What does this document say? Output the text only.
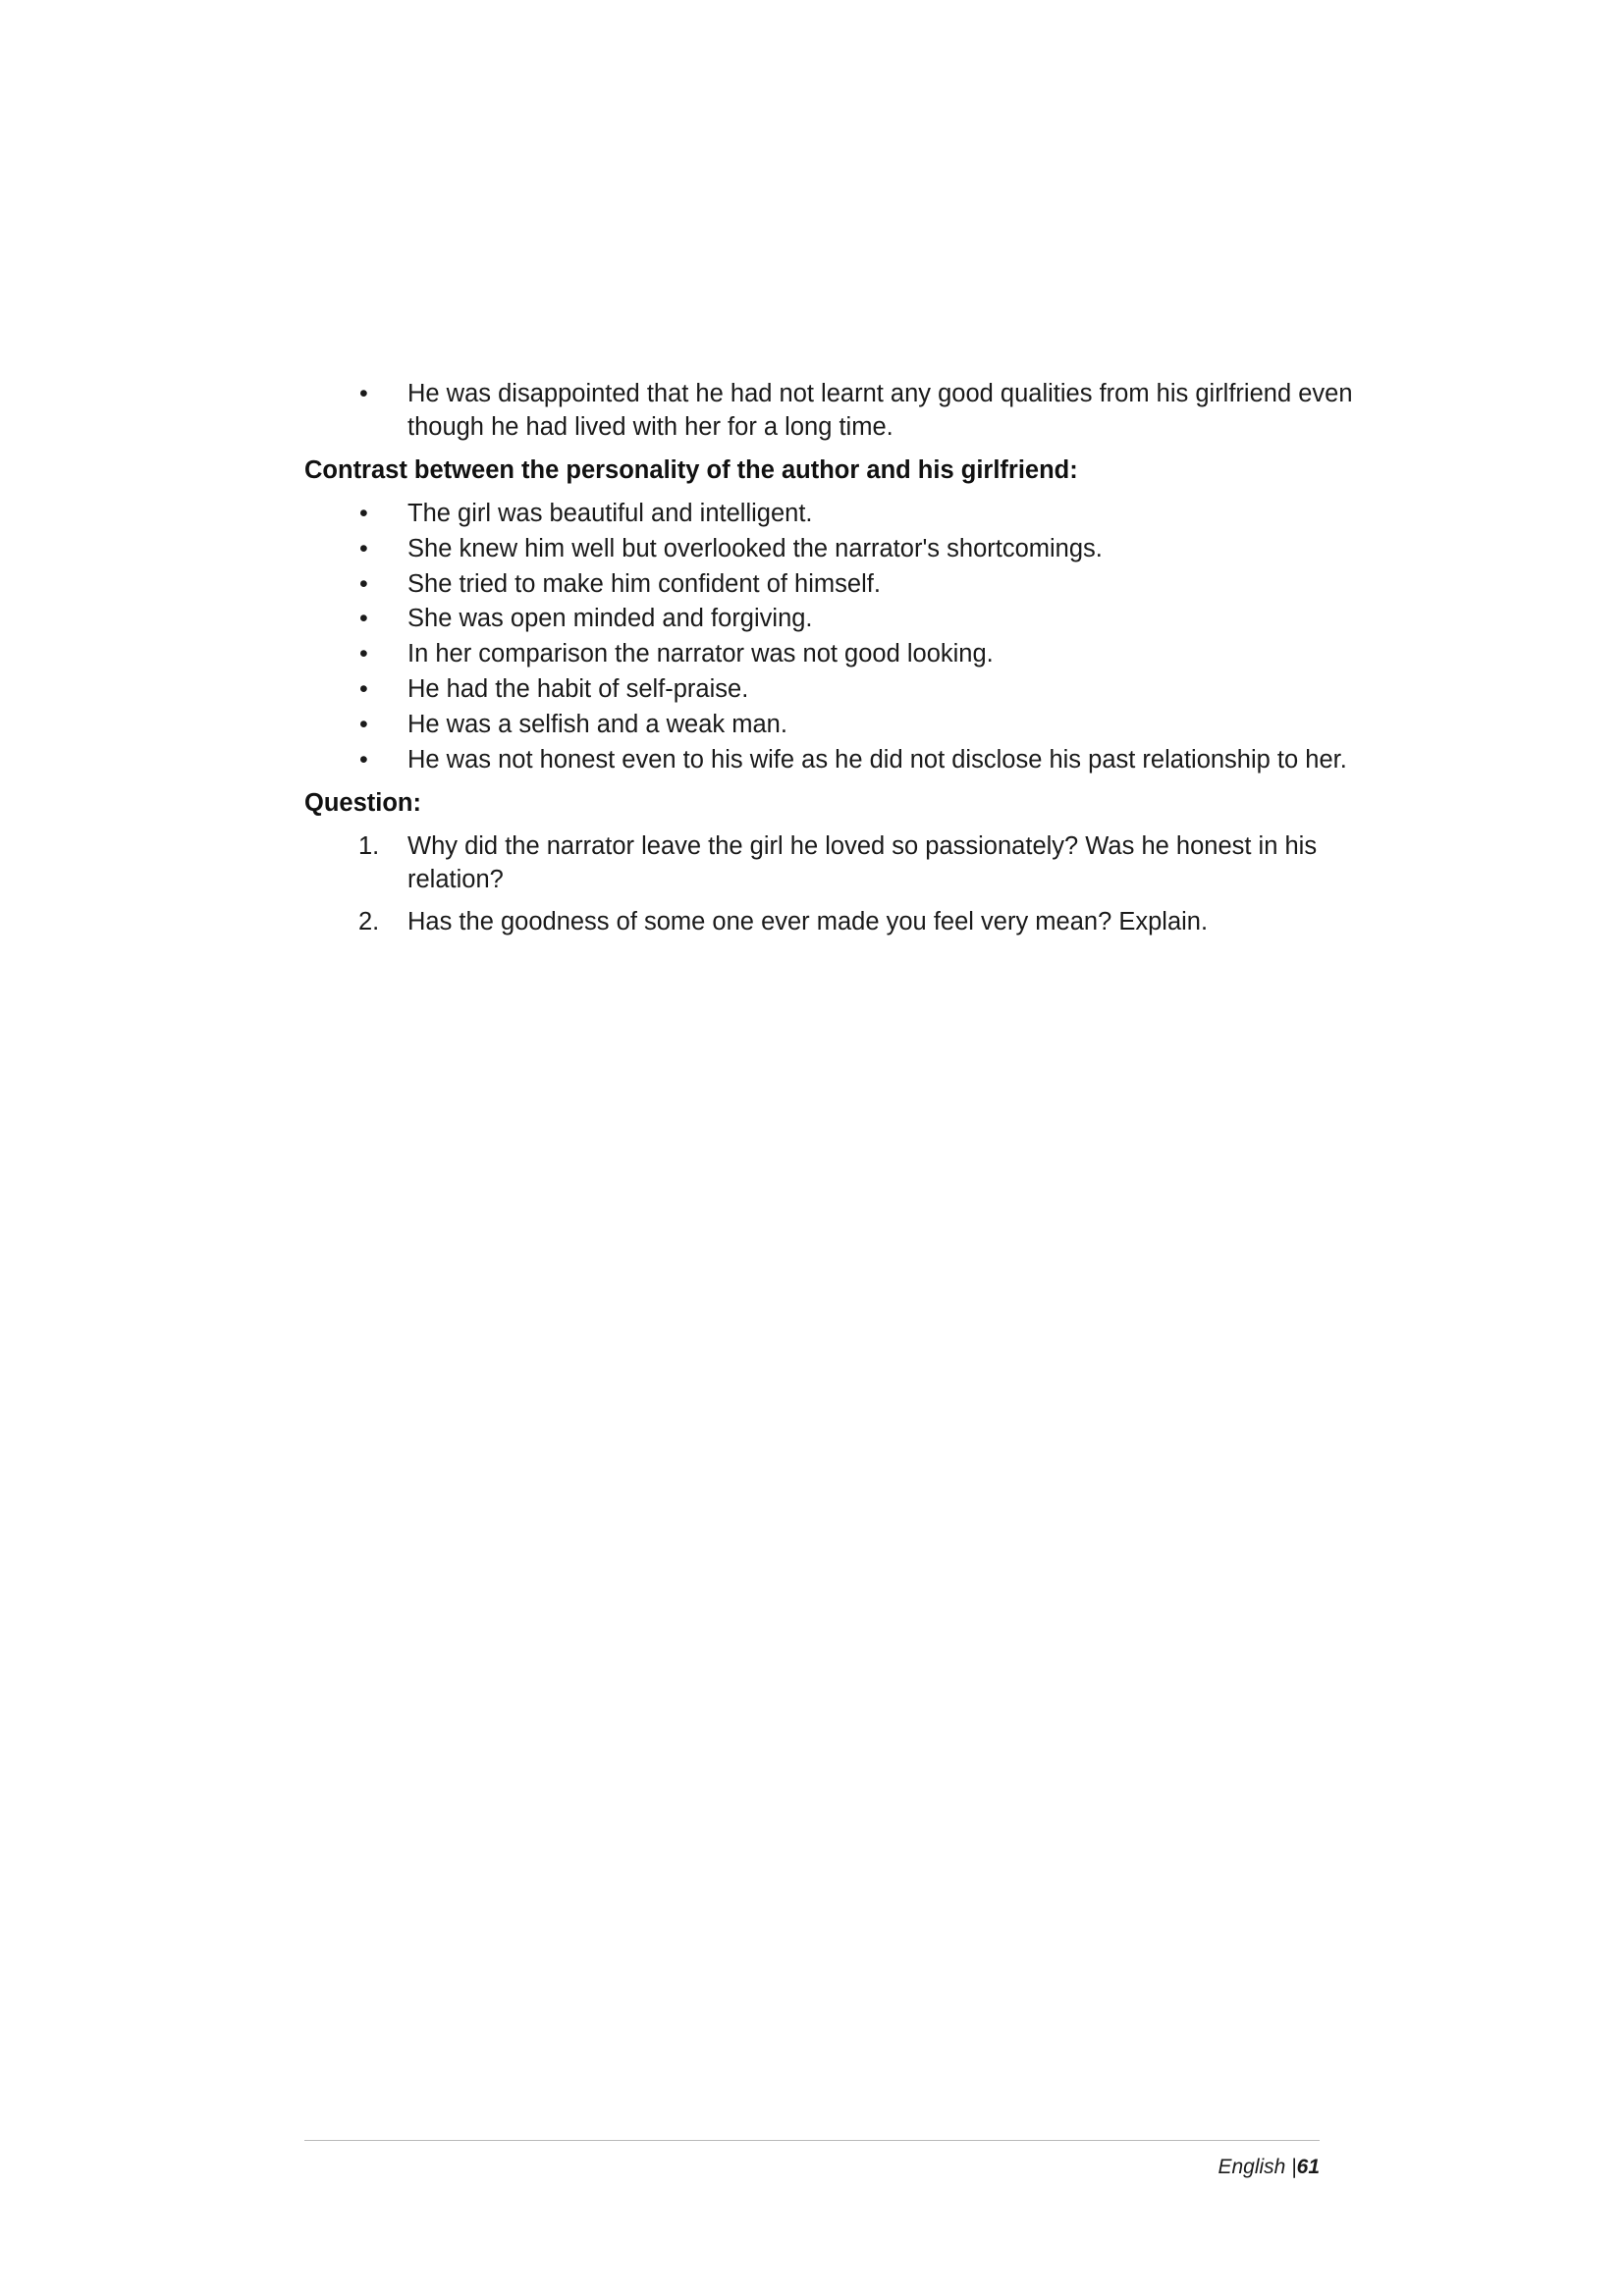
• He was disappointed that he had not learnt any good qualities from his girlfriend even though he had lived with her for a long time.
Contrast between the personality of the author and his girlfriend:
• The girl was beautiful and intelligent.
• She knew him well but overlooked the narrator's shortcomings.
• She tried to make him confident of himself.
• She was open minded and forgiving.
• In her comparison the narrator was not good looking.
• He had the habit of self-praise.
• He was a selfish and a weak man.
• He was not honest even to his wife as he did not disclose his past relationship to her.
Question:
1. Why did the narrator leave the girl he loved so passionately? Was he honest in his relation?
2. Has the goodness of some one ever made you feel very mean? Explain.
English |61
